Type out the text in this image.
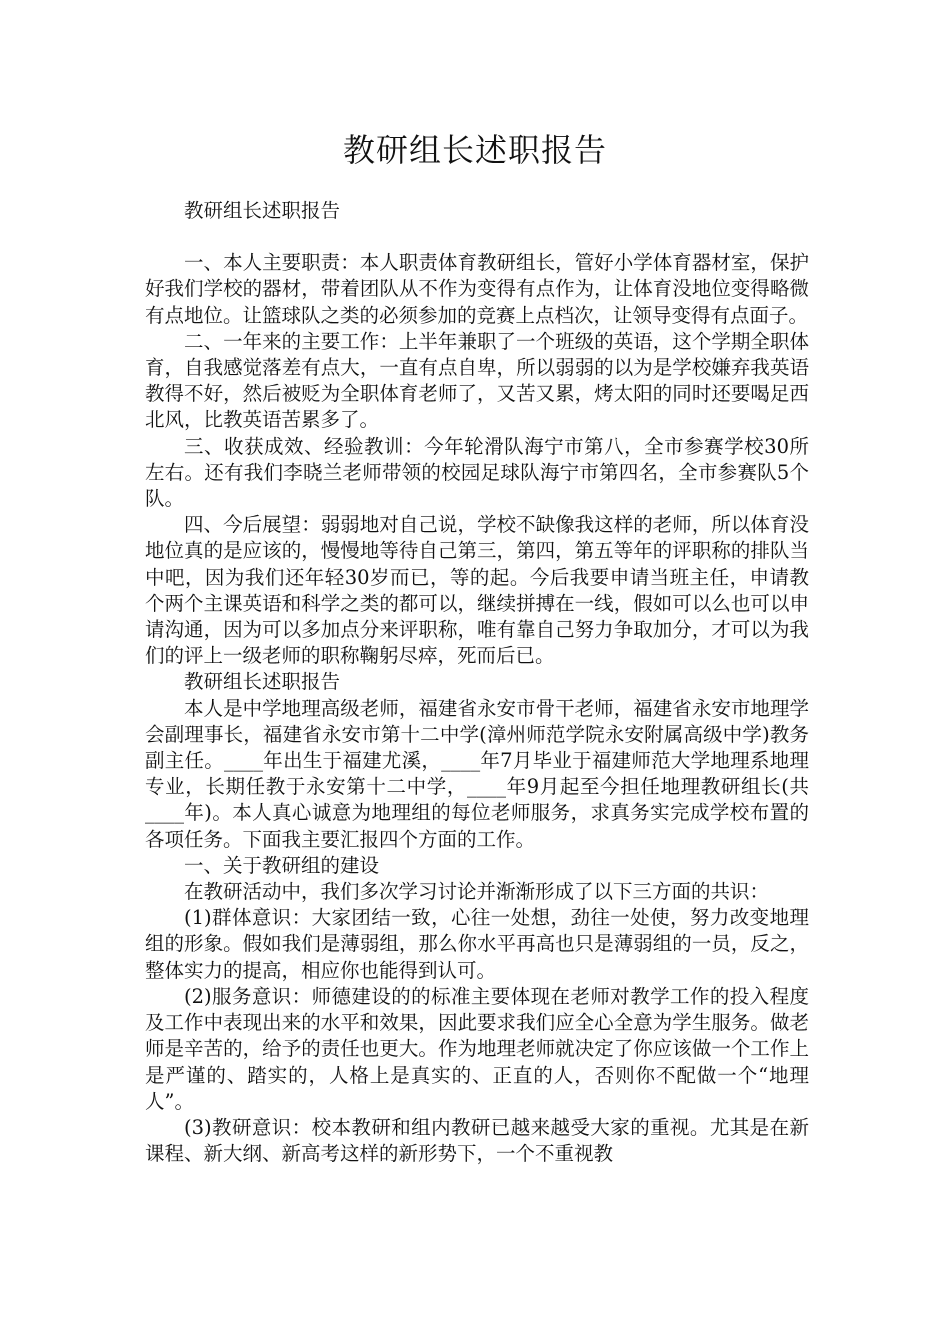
教研组长述职报告

教研组长述职报告

一、本人主要职责：本人职责体育教研组长，管好小学体育器材室，保护好我们学校的器材，带着团队从不作为变得有点作为，让体育没地位变得略微有点地位。让篮球队之类的必须参加的竞赛上点档次，让领导变得有点面子。

二、一年来的主要工作：上半年兼职了一个班级的英语，这个学期全职体育，自我感觉落差有点大，一直有点自卑，所以弱弱的以为是学校嫌弃我英语教得不好，然后被贬为全职体育老师了，又苦又累，烤太阳的同时还要喝足西北风，比教英语苦累多了。

三、收获成效、经验教训：今年轮滑队海宁市第八，全市参赛学校30所左右。还有我们李晓兰老师带领的校园足球队海宁市第四名，全市参赛队5个队。

四、今后展望：弱弱地对自己说，学校不缺像我这样的老师，所以体育没地位真的是应该的，慢慢地等待自己第三，第四，第五等年的评职称的排队当中吧，因为我们还年轻30岁而已，等的起。今后我要申请当班主任，申请教个两个主课英语和科学之类的都可以，继续拼搏在一线，假如可以么也可以申请沟通，因为可以多加点分来评职称，唯有靠自己努力争取加分，才可以为我们的评上一级老师的职称鞠躬尽瘁，死而后已。

教研组长述职报告

本人是中学地理高级老师，福建省永安市骨干老师，福建省永安市地理学会副理事长，福建省永安市第十二中学(漳州师范学院永安附属高级中学)教务副主任。____年出生于福建尤溪，____年7月毕业于福建师范大学地理系地理专业，长期任教于永安第十二中学，____年9月起至今担任地理教研组长(共____年)。本人真心诚意为地理组的每位老师服务，求真务实完成学校布置的各项任务。下面我主要汇报四个方面的工作。

一、关于教研组的建设

在教研活动中，我们多次学习讨论并渐渐形成了以下三方面的共识：

(1)群体意识：大家团结一致，心往一处想，劲往一处使，努力改变地理组的形象。假如我们是薄弱组，那么你水平再高也只是薄弱组的一员，反之，整体实力的提高，相应你也能得到认可。

(2)服务意识：师德建设的的标准主要体现在老师对教学工作的投入程度及工作中表现出来的水平和效果，因此要求我们应全心全意为学生服务。做老师是辛苦的，给予的责任也更大。作为地理老师就决定了你应该做一个工作上是严谨的、踏实的，人格上是真实的、正直的人，否则你不配做一个“地理人”。

(3)教研意识：校本教研和组内教研已越来越受大家的重视。尤其是在新课程、新大纲、新高考这样的新形势下，一个不重视教
